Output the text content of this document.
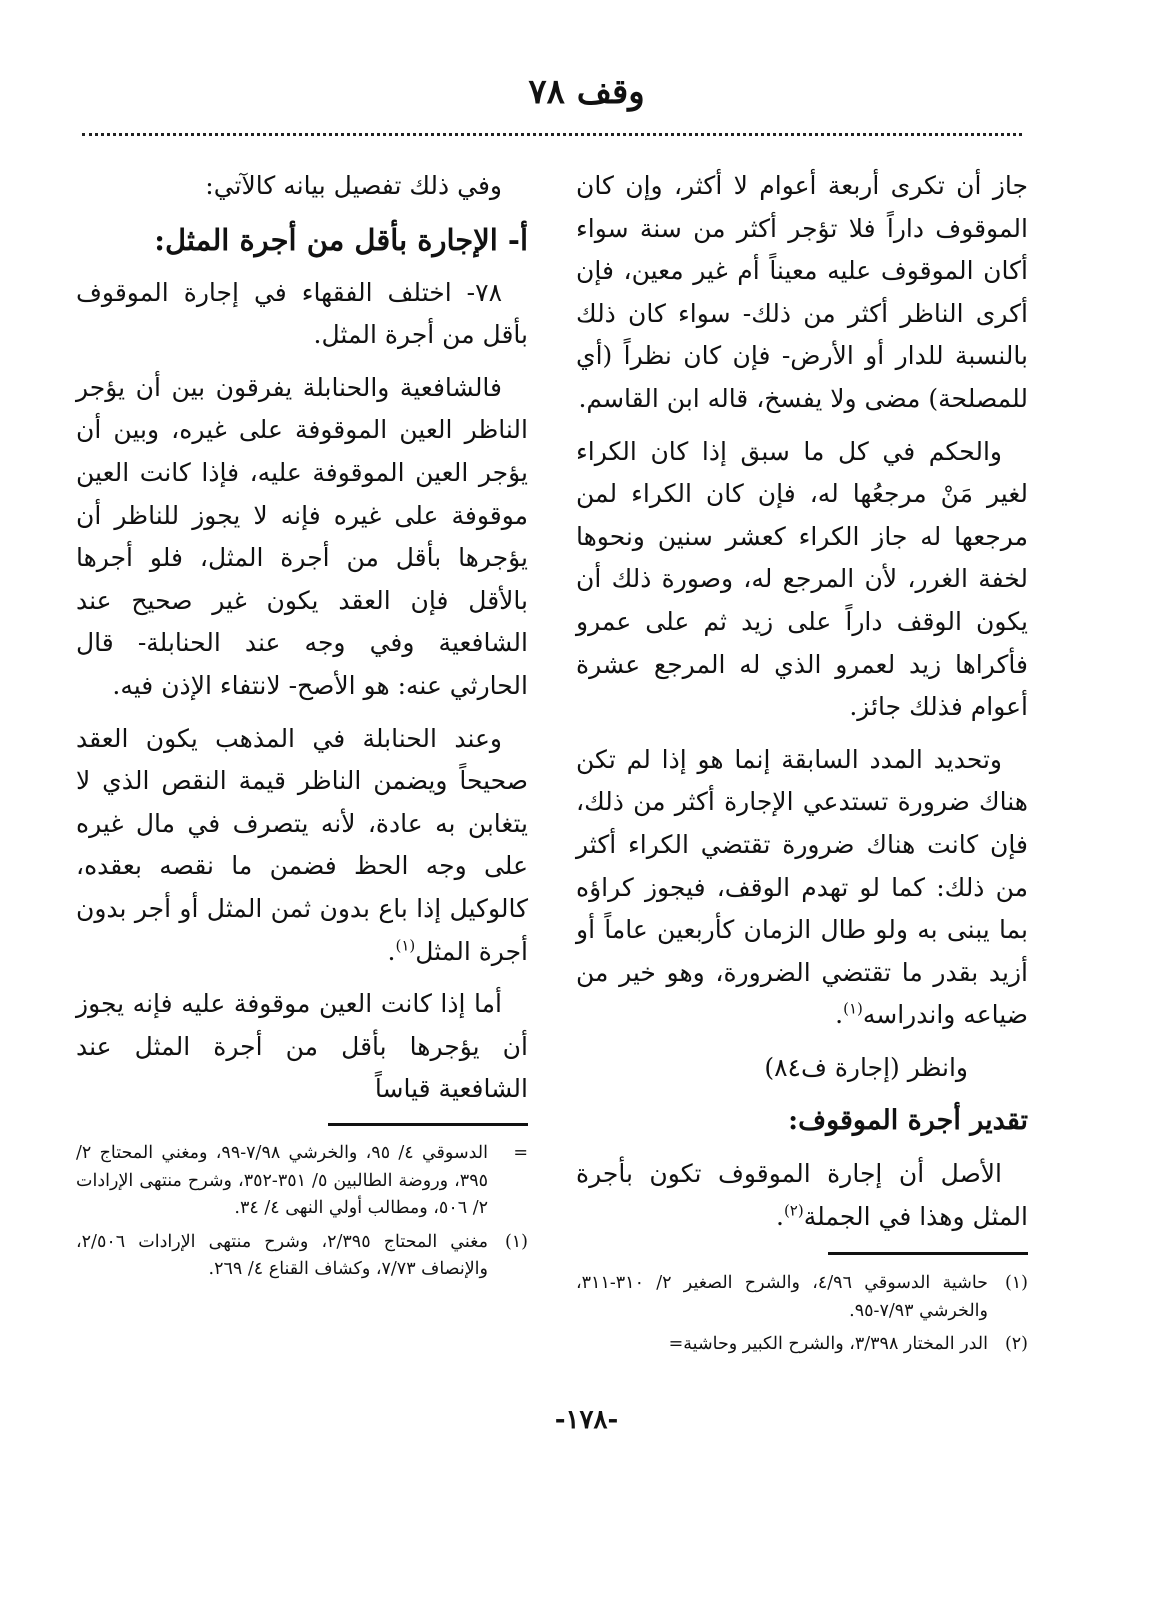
وقف ٧٨

جاز أن تكرى أربعة أعوام لا أكثر، وإن كان الموقوف داراً فلا تؤجر أكثر من سنة سواء أكان الموقوف عليه معيناً أم غير معين، فإن أكرى الناظر أكثر من ذلك- سواء كان ذلك بالنسبة للدار أو الأرض- فإن كان نظراً (أي للمصلحة) مضى ولا يفسخ، قاله ابن القاسم.

والحكم في كل ما سبق إذا كان الكراء لغير مَنْ مرجعُها له، فإن كان الكراء لمن مرجعها له جاز الكراء كعشر سنين ونحوها لخفة الغرر، لأن المرجع له، وصورة ذلك أن يكون الوقف داراً على زيد ثم على عمرو فأكراها زيد لعمرو الذي له المرجع عشرة أعوام فذلك جائز.

وتحديد المدد السابقة إنما هو إذا لم تكن هناك ضرورة تستدعي الإجارة أكثر من ذلك، فإن كانت هناك ضرورة تقتضي الكراء أكثر من ذلك: كما لو تهدم الوقف، فيجوز كراؤه بما يبنى به ولو طال الزمان كأربعين عاماً أو أزيد بقدر ما تقتضي الضرورة، وهو خير من ضياعه واندراسه$^{(١)}$.

وانظر (إجارة ف٨٤)

تقدير أجرة الموقوف:

الأصل أن إجارة الموقوف تكون بأجرة المثل وهذا في الجملة$^{(٢)}$.

وفي ذلك تفصيل بيانه كالآتي:

أ- الإجارة بأقل من أجرة المثل:

٧٨- اختلف الفقهاء في إجارة الموقوف بأقل من أجرة المثل.

فالشافعية والحنابلة يفرقون بين أن يؤجر الناظر العين الموقوفة على غيره، وبين أن يؤجر العين الموقوفة عليه، فإذا كانت العين موقوفة على غيره فإنه لا يجوز للناظر أن يؤجرها بأقل من أجرة المثل، فلو أجرها بالأقل فإن العقد يكون غير صحيح عند الشافعية وفي وجه عند الحنابلة- قال الحارثي عنه: هو الأصح- لانتفاء الإذن فيه.

وعند الحنابلة في المذهب يكون العقد صحيحاً ويضمن الناظر قيمة النقص الذي لا يتغابن به عادة، لأنه يتصرف في مال غيره على وجه الحظ فضمن ما نقصه بعقده، كالوكيل إذا باع بدون ثمن المثل أو أجر بدون أجرة المثل$^{(١)}$.

أما إذا كانت العين موقوفة عليه فإنه يجوز أن يؤجرها بأقل من أجرة المثل عند الشافعية قياساً

(١)
حاشية الدسوقي ٤/٩٦، والشرح الصغير ٢/ ٣١٠-٣١١، والخرشي ٧/٩٣-٩٥.
(٢)
الدر المختار ٣/٣٩٨، والشرح الكبير وحاشية=
=
الدسوقي ٤/ ٩٥، والخرشي ٧/٩٨-٩٩، ومغني المحتاج ٢/ ٣٩٥، وروضة الطالبين ٥/ ٣٥١-٣٥٢، وشرح منتهى الإرادات ٢/ ٥٠٦، ومطالب أولي النهى ٤/ ٣٤.
(١)
مغني المحتاج ٢/٣٩٥، وشرح منتهى الإرادات ٢/٥٠٦، والإنصاف ٧/٧٣، وكشاف القناع ٤/ ٢٦٩.
-١٧٨-
